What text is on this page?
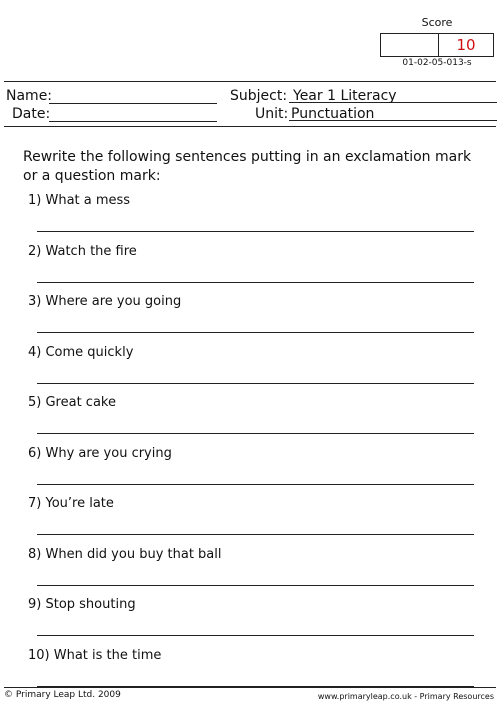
Score
10
01-02-05-013-s
Name:
Date:
Subject: Year 1 Literacy
Unit: Punctuation
Rewrite the following sentences putting in an exclamation mark or a question mark:
1) What a mess
2) Watch the fire
3) Where are you going
4) Come quickly
5) Great cake
6) Why are you crying
7) You’re late
8) When did you buy that ball
9) Stop shouting
10) What is the time
© Primary Leap Ltd. 2009	www.primaryleap.co.uk - Primary Resources
